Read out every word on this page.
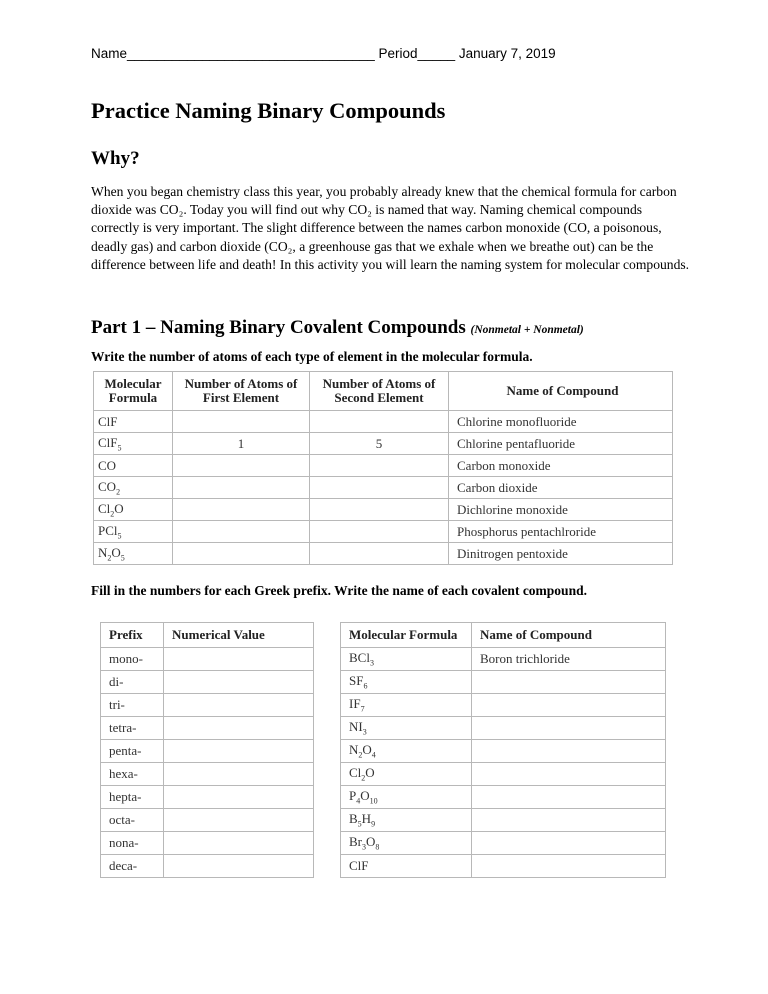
Name_________________________________ Period_____ January 7, 2019
Practice Naming Binary Compounds
Why?

When you began chemistry class this year, you probably already knew that the chemical formula for carbon dioxide was CO₂. Today you will find out why CO₂ is named that way. Naming chemical compounds correctly is very important. The slight difference between the names carbon monoxide (CO, a poisonous, deadly gas) and carbon dioxide (CO₂, a greenhouse gas that we exhale when we breathe out) can be the difference between life and death! In this activity you will learn the naming system for molecular compounds.

Part 1 – Naming Binary Covalent Compounds (Nonmetal + Nonmetal)

Write the number of atoms of each type of element in the molecular formula.

Molecular Formula	Number of Atoms of First Element	Number of Atoms of Second Element	Name of Compound
ClF			Chlorine monofluoride
ClF$_5$	1	5	Chlorine pentafluoride
CO			Carbon monoxide
$CO_2$			Carbon dioxide
$Cl_2O$			Dichlorine monoxide
PCl$_5$			Phosphorus pentachlroride
$N_2O_5$			Dinitrogen pentoxide

Fill in the numbers for each Greek prefix. Write the name of each covalent compound.

Prefix	Numerical Value
mono-	
di-	
tri-	
tetra-	
penta-	
hexa-	
hepta-	
octa-	
nona-	
deca-	
Molecular Formula	Name of Compound
BCl$_3$	Boron trichloride
$SF_6$	
$IF_7$	
$NI_3$	
$N_2O_4$	
$Cl_2O$	
$P_4O_{10}$	
$B_5H_9$	
$Br_3O_8$	
ClF	
